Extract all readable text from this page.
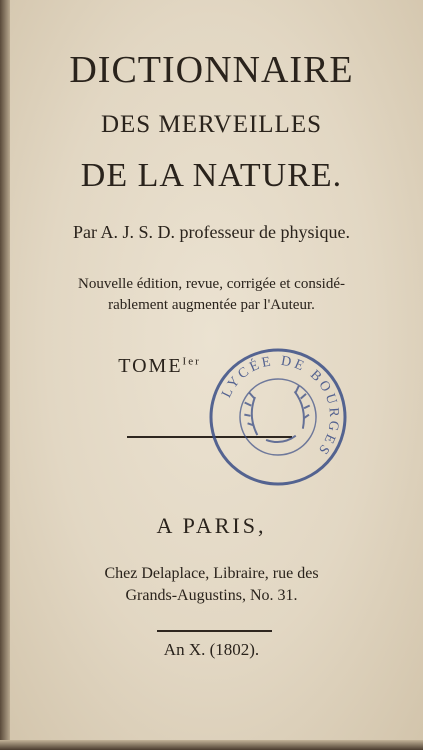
DICTIONNAIRE
DES MERVEILLES
DE LA NATURE.
Par A. J. S. D. professeur de physique.
Nouvelle édition, revue, corrigée et considé-
rablement augmentée par l'Auteur.
$TOME^{Ier}$
LYCÉE DE BOURGES
A PARIS,
Chez Delaplace, Libraire, rue des
Grands-Augustins, No. 31.
An X. (1802).
